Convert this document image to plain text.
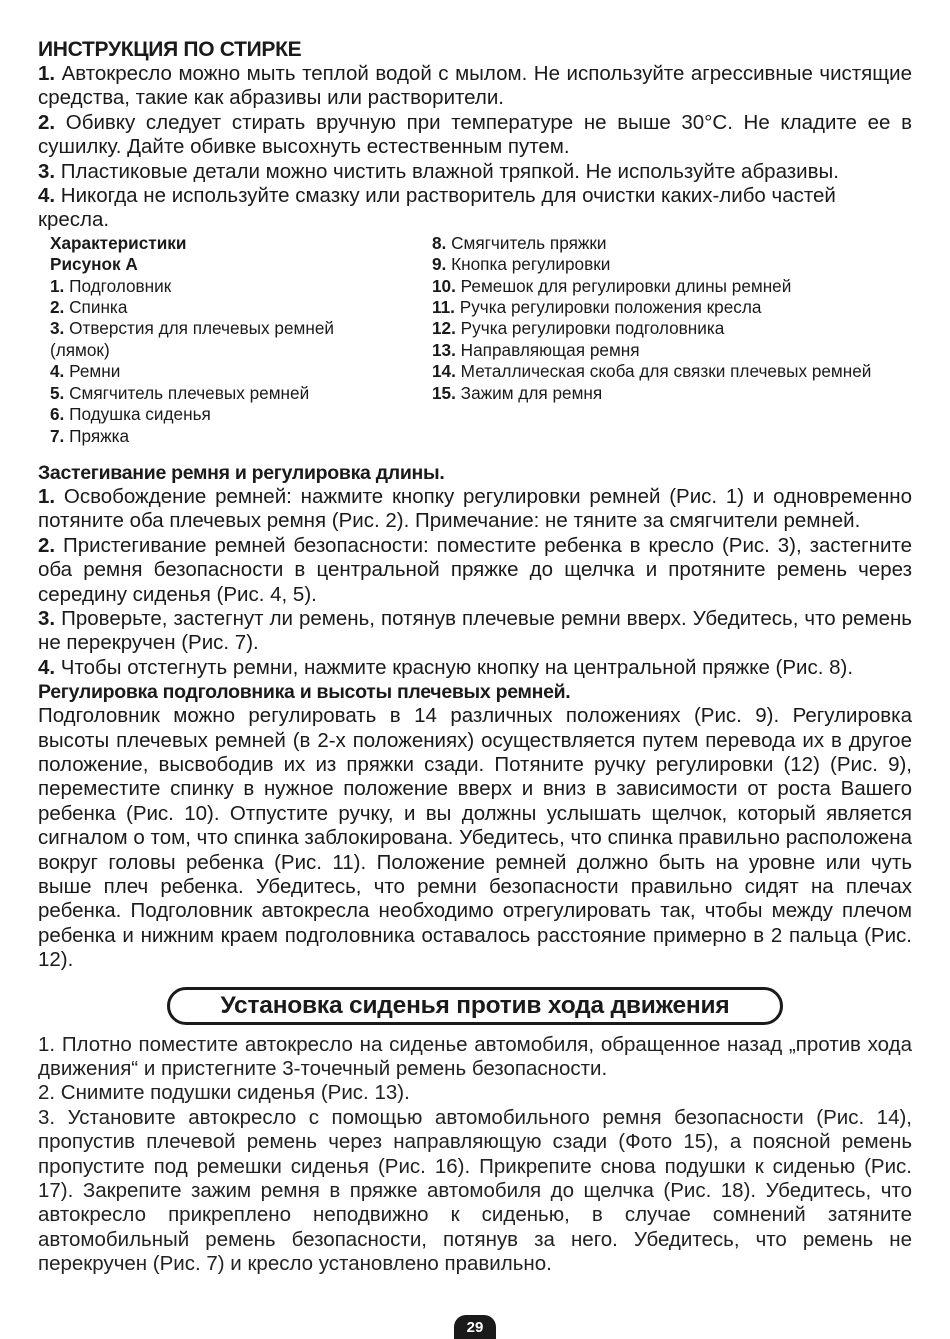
ИНСТРУКЦИЯ ПО СТИРКЕ

1. Автокресло можно мыть теплой водой с мылом. Не используйте агрессивные чистящие средства, такие как абразивы или растворители.

2. Обивку следует стирать вручную при температуре не выше 30°С. Не кладите ее в сушилку. Дайте обивке высохнуть естественным путем.

3. Пластиковые детали можно чистить влажной тряпкой. Не используйте абразивы.

4. Никогда не используйте смазку или растворитель для очистки каких-либо частей кресла.

Характеристики
Рисунок А
1. Подголовник
2. Спинка
3. Отверстия для плечевых ремней (лямок)
4. Ремни
5. Смягчитель плечевых ремней
6. Подушка сиденья
7. Пряжка
8. Смягчитель пряжки
9. Кнопка регулировки
10. Ремешок для регулировки длины ремней
11. Ручка регулировки положения кресла
12. Ручка регулировки подголовника
13. Направляющая ремня
14. Металлическая скоба для связки плечевых ремней
15. Зажим для ремня
Застегивание ремня и регулировка длины.

1. Освобождение ремней: нажмите кнопку регулировки ремней (Рис. 1) и одновременно потяните оба плечевых ремня (Рис. 2). Примечание: не тяните за смягчители ремней.

2. Пристегивание ремней безопасности: поместите ребенка в кресло (Рис. 3), застегните оба ремня безопасности в центральной пряжке до щелчка и протяните ремень через середину сиденья (Рис. 4, 5).

3. Проверьте, застегнут ли ремень, потянув плечевые ремни вверх. Убедитесь, что ремень не перекручен (Рис. 7).

4. Чтобы отстегнуть ремни, нажмите красную кнопку на центральной пряжке (Рис. 8).

Регулировка подголовника и высоты плечевых ремней.

Подголовник можно регулировать в 14 различных положениях (Рис. 9). Регулировка высоты плечевых ремней (в 2-х положениях) осуществляется путем перевода их в другое положение, высвободив их из пряжки сзади. Потяните ручку регулировки (12) (Рис. 9), переместите спинку в нужное положение вверх и вниз в зависимости от роста Вашего ребенка (Рис. 10). Отпустите ручку, и вы должны услышать щелчок, который является сигналом о том, что спинка заблокирована. Убедитесь, что спинка правильно расположена вокруг головы ребенка (Рис. 11). Положение ремней должно быть на уровне или чуть выше плеч ребенка. Убедитесь, что ремни безопасности правильно сидят на плечах ребенка. Подголовник автокресла необходимо отрегулировать так, чтобы между плечом ребенка и нижним краем подголовника оставалось расстояние примерно в 2 пальца (Рис. 12).

Установка сиденья против хода движения

1. Плотно поместите автокресло на сиденье автомобиля, обращенное назад „против хода движения“ и пристегните 3-точечный ремень безопасности.

2. Снимите подушки сиденья (Рис. 13).

3. Установите автокресло с помощью автомобильного ремня безопасности (Рис. 14), пропустив плечевой ремень через направляющую сзади (Фото 15), а поясной ремень пропустите под ремешки сиденья (Рис. 16). Прикрепите снова подушки к сиденью (Рис. 17). Закрепите зажим ремня в пряжке автомобиля до щелчка (Рис. 18). Убедитесь, что автокресло прикреплено неподвижно к сиденью, в случае сомнений затяните автомобильный ремень безопасности, потянув за него. Убедитесь, что ремень не перекручен (Рис. 7) и кресло установлено правильно.

29
